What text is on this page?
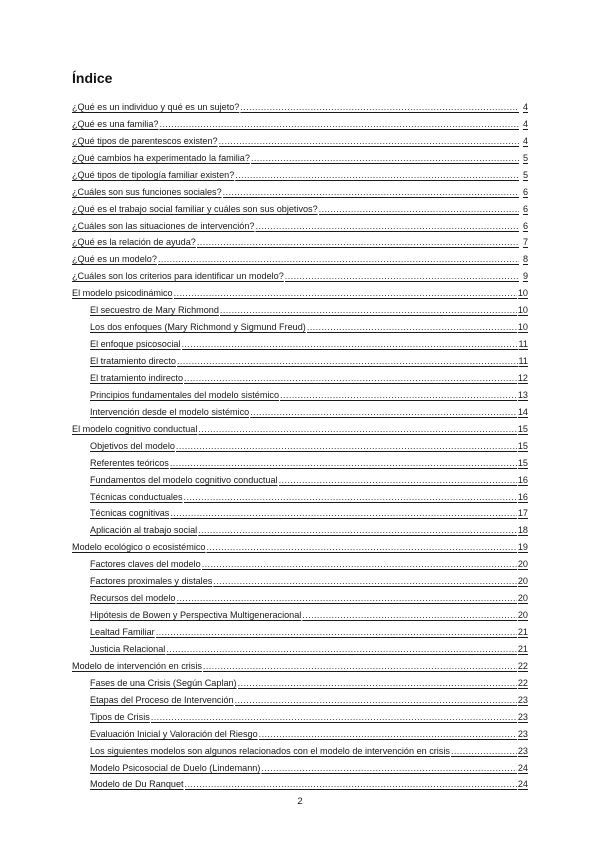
Índice
¿Qué es un individuo y qué es un sujeto? .....	4
¿Qué es una familia? .....	4
¿Qué tipos de parentescos existen? .....	4
¿Qué cambios ha experimentado la familia? .....	5
¿Qué tipos de tipología familiar existen? .....	5
¿Cuáles son sus funciones sociales? .....	6
¿Qué es el trabajo social familiar y cuáles son sus objetivos? .....	6
¿Cuáles son las situaciones de intervención? .....	6
¿Qué es la relación de ayuda? .....	7
¿Qué es un modelo? .....	8
¿Cuáles son los criterios para identificar un modelo? .....	9
El modelo psicodinámico .....	10
El secuestro de Mary Richmond .....	10
Los dos enfoques (Mary Richmond y Sigmund Freud) .....	10
El enfoque psicosocial .....	11
El tratamiento directo .....	11
El tratamiento indirecto .....	12
Principios fundamentales del modelo sistémico .....	13
Intervención desde el modelo sistémico .....	14
El modelo cognitivo conductual .....	15
Objetivos del modelo .....	15
Referentes teóricos .....	15
Fundamentos del modelo cognitivo conductual .....	16
Técnicas conductuales .....	16
Técnicas cognitivas .....	17
Aplicación al trabajo social .....	18
Modelo ecológico o ecosistémico .....	19
Factores claves del modelo .....	20
Factores proximales y distales .....	20
Recursos del modelo .....	20
Hipótesis de Bowen y Perspectiva Multigeneracional .....	20
Lealtad Familiar .....	21
Justicia Relacional .....	21
Modelo de intervención en crisis .....	22
Fases de una Crisis (Según Caplan) .....	22
Etapas del Proceso de Intervención .....	23
Tipos de Crisis .....	23
Evaluación Inicial y Valoración del Riesgo .....	23
Los siguientes modelos son algunos relacionados con el modelo de intervención en crisis .....	23
Modelo Psicosocial de Duelo (Lindemann) .....	24
Modelo de Du Ranquet .....	24
2
